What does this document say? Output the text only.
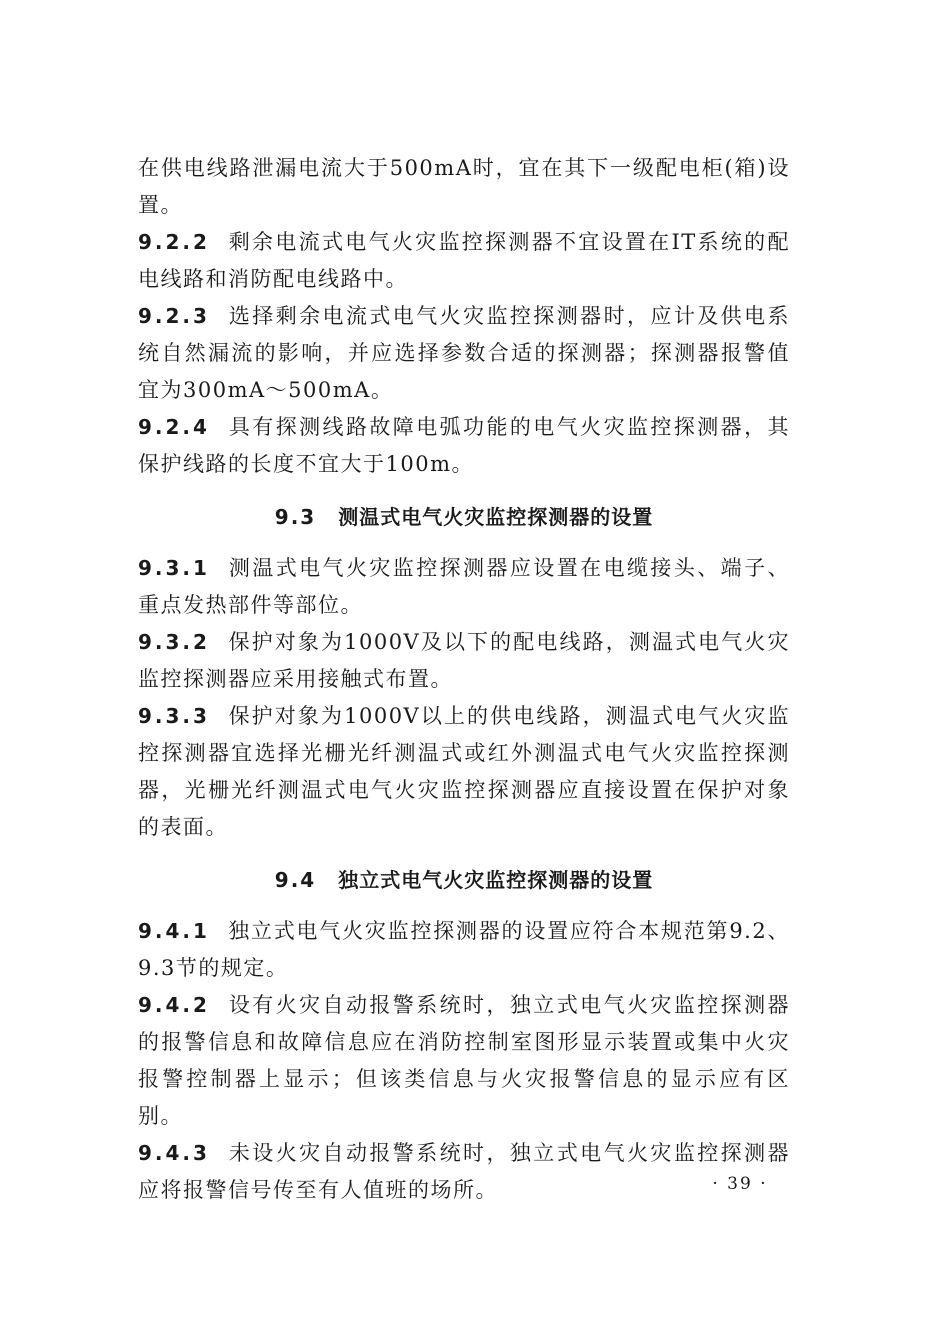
在供电线路泄漏电流大于500mA时，宜在其下一级配电柜(箱)设置。

9.2.2 剩余电流式电气火灾监控探测器不宜设置在IT系统的配电线路和消防配电线路中。

9.2.3 选择剩余电流式电气火灾监控探测器时，应计及供电系统自然漏流的影响，并应选择参数合适的探测器；探测器报警值宜为300mA～500mA。

9.2.4 具有探测线路故障电弧功能的电气火灾监控探测器，其保护线路的长度不宜大于100m。

9.3 测温式电气火灾监控探测器的设置

9.3.1 测温式电气火灾监控探测器应设置在电缆接头、端子、重点发热部件等部位。

9.3.2 保护对象为1000V及以下的配电线路，测温式电气火灾监控探测器应采用接触式布置。

9.3.3 保护对象为1000V以上的供电线路，测温式电气火灾监控探测器宜选择光栅光纤测温式或红外测温式电气火灾监控探测器，光栅光纤测温式电气火灾监控探测器应直接设置在保护对象的表面。

9.4 独立式电气火灾监控探测器的设置

9.4.1 独立式电气火灾监控探测器的设置应符合本规范第9.2、9.3节的规定。

9.4.2 设有火灾自动报警系统时，独立式电气火灾监控探测器的报警信息和故障信息应在消防控制室图形显示装置或集中火灾报警控制器上显示；但该类信息与火灾报警信息的显示应有区别。

9.4.3 未设火灾自动报警系统时，独立式电气火灾监控探测器应将报警信号传至有人值班的场所。	· 39 ·
